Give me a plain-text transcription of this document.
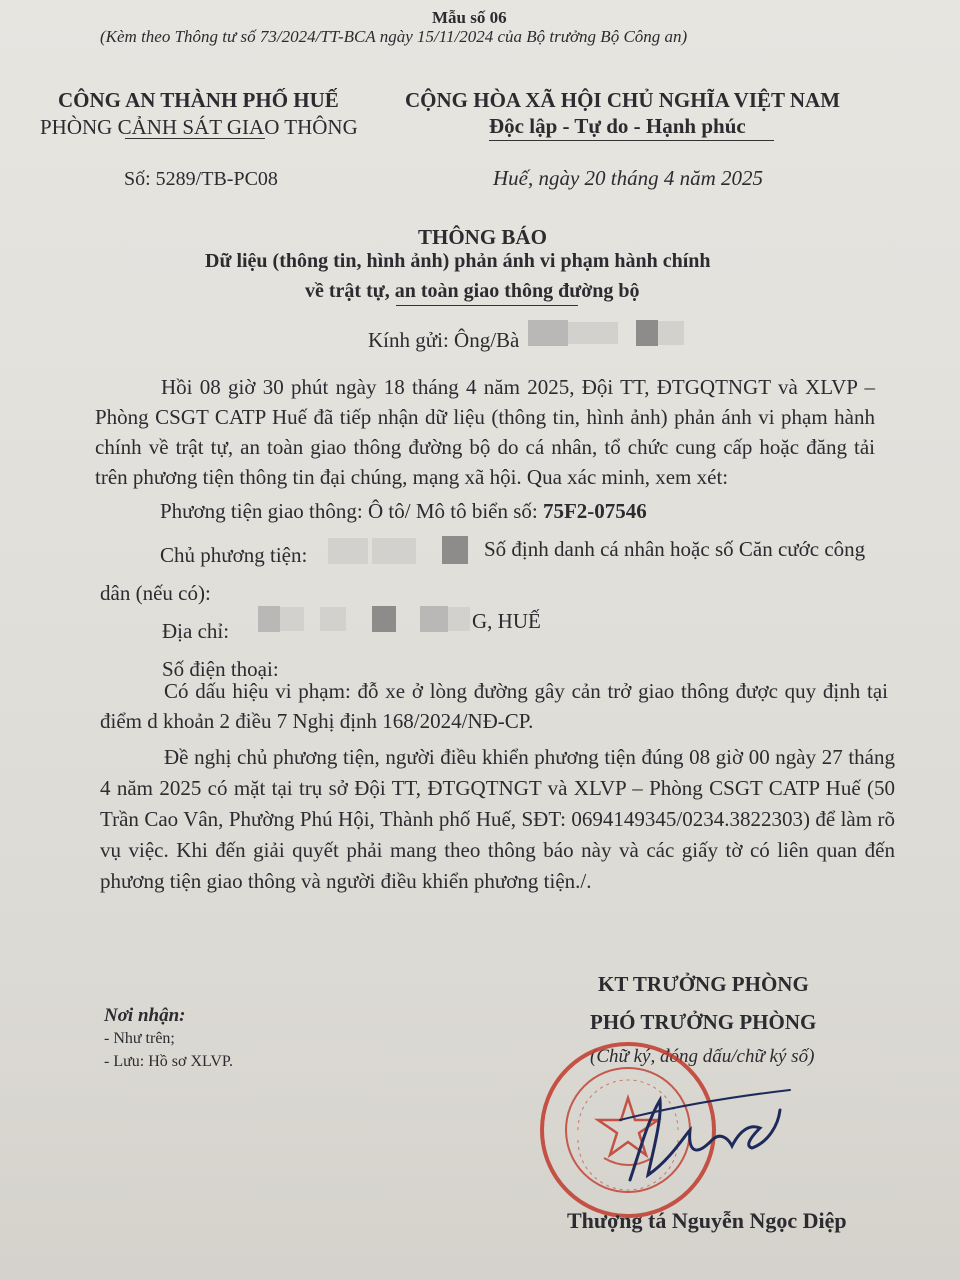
Mẫu số 06
(Kèm theo Thông tư số 73/2024/TT-BCA ngày 15/11/2024 của Bộ trưởng Bộ Công an)
CÔNG AN THÀNH PHỐ HUẾ
PHÒNG CẢNH SÁT GIAO THÔNG
Số: 5289/TB-PC08
CỘNG HÒA XÃ HỘI CHỦ NGHĨA VIỆT NAM
Độc lập - Tự do - Hạnh phúc
Huế, ngày 20 tháng 4 năm 2025
THÔNG BÁO
Dữ liệu (thông tin, hình ảnh) phản ánh vi phạm hành chính
về trật tự, an toàn giao thông đường bộ
Kính gửi: Ông/Bà
Hồi 08 giờ 30 phút ngày 18 tháng 4 năm 2025, Đội TT, ĐTGQTNGT và XLVP – Phòng CSGT CATP Huế đã tiếp nhận dữ liệu (thông tin, hình ảnh) phản ánh vi phạm hành chính về trật tự, an toàn giao thông đường bộ do cá nhân, tổ chức cung cấp hoặc đăng tải trên phương tiện thông tin đại chúng, mạng xã hội. Qua xác minh, xem xét:
Phương tiện giao thông: Ô tô/ Mô tô biển số: 75F2-07546
Chủ phương tiện:	Số định danh cá nhân hoặc số Căn cước công
dân (nếu có):
Địa chỉ:	G, HUẾ
Số điện thoại:
Có dấu hiệu vi phạm: đỗ xe ở lòng đường gây cản trở giao thông được quy định tại điểm d khoản 2 điều 7 Nghị định 168/2024/NĐ-CP.
Đề nghị chủ phương tiện, người điều khiển phương tiện đúng 08 giờ 00 ngày 27 tháng 4 năm 2025 có mặt tại trụ sở Đội TT, ĐTGQTNGT và XLVP – Phòng CSGT CATP Huế (50 Trần Cao Vân, Phường Phú Hội, Thành phố Huế, SĐT: 0694149345/0234.3822303) để làm rõ vụ việc. Khi đến giải quyết phải mang theo thông báo này và các giấy tờ có liên quan đến phương tiện giao thông và người điều khiển phương tiện./.
KT TRƯỞNG PHÒNG
PHÓ TRƯỞNG PHÒNG
(Chữ ký, đóng dấu/chữ ký số)
Nơi nhận:
- Như trên;
- Lưu: Hồ sơ XLVP.
Thượng tá Nguyễn Ngọc Diệp
